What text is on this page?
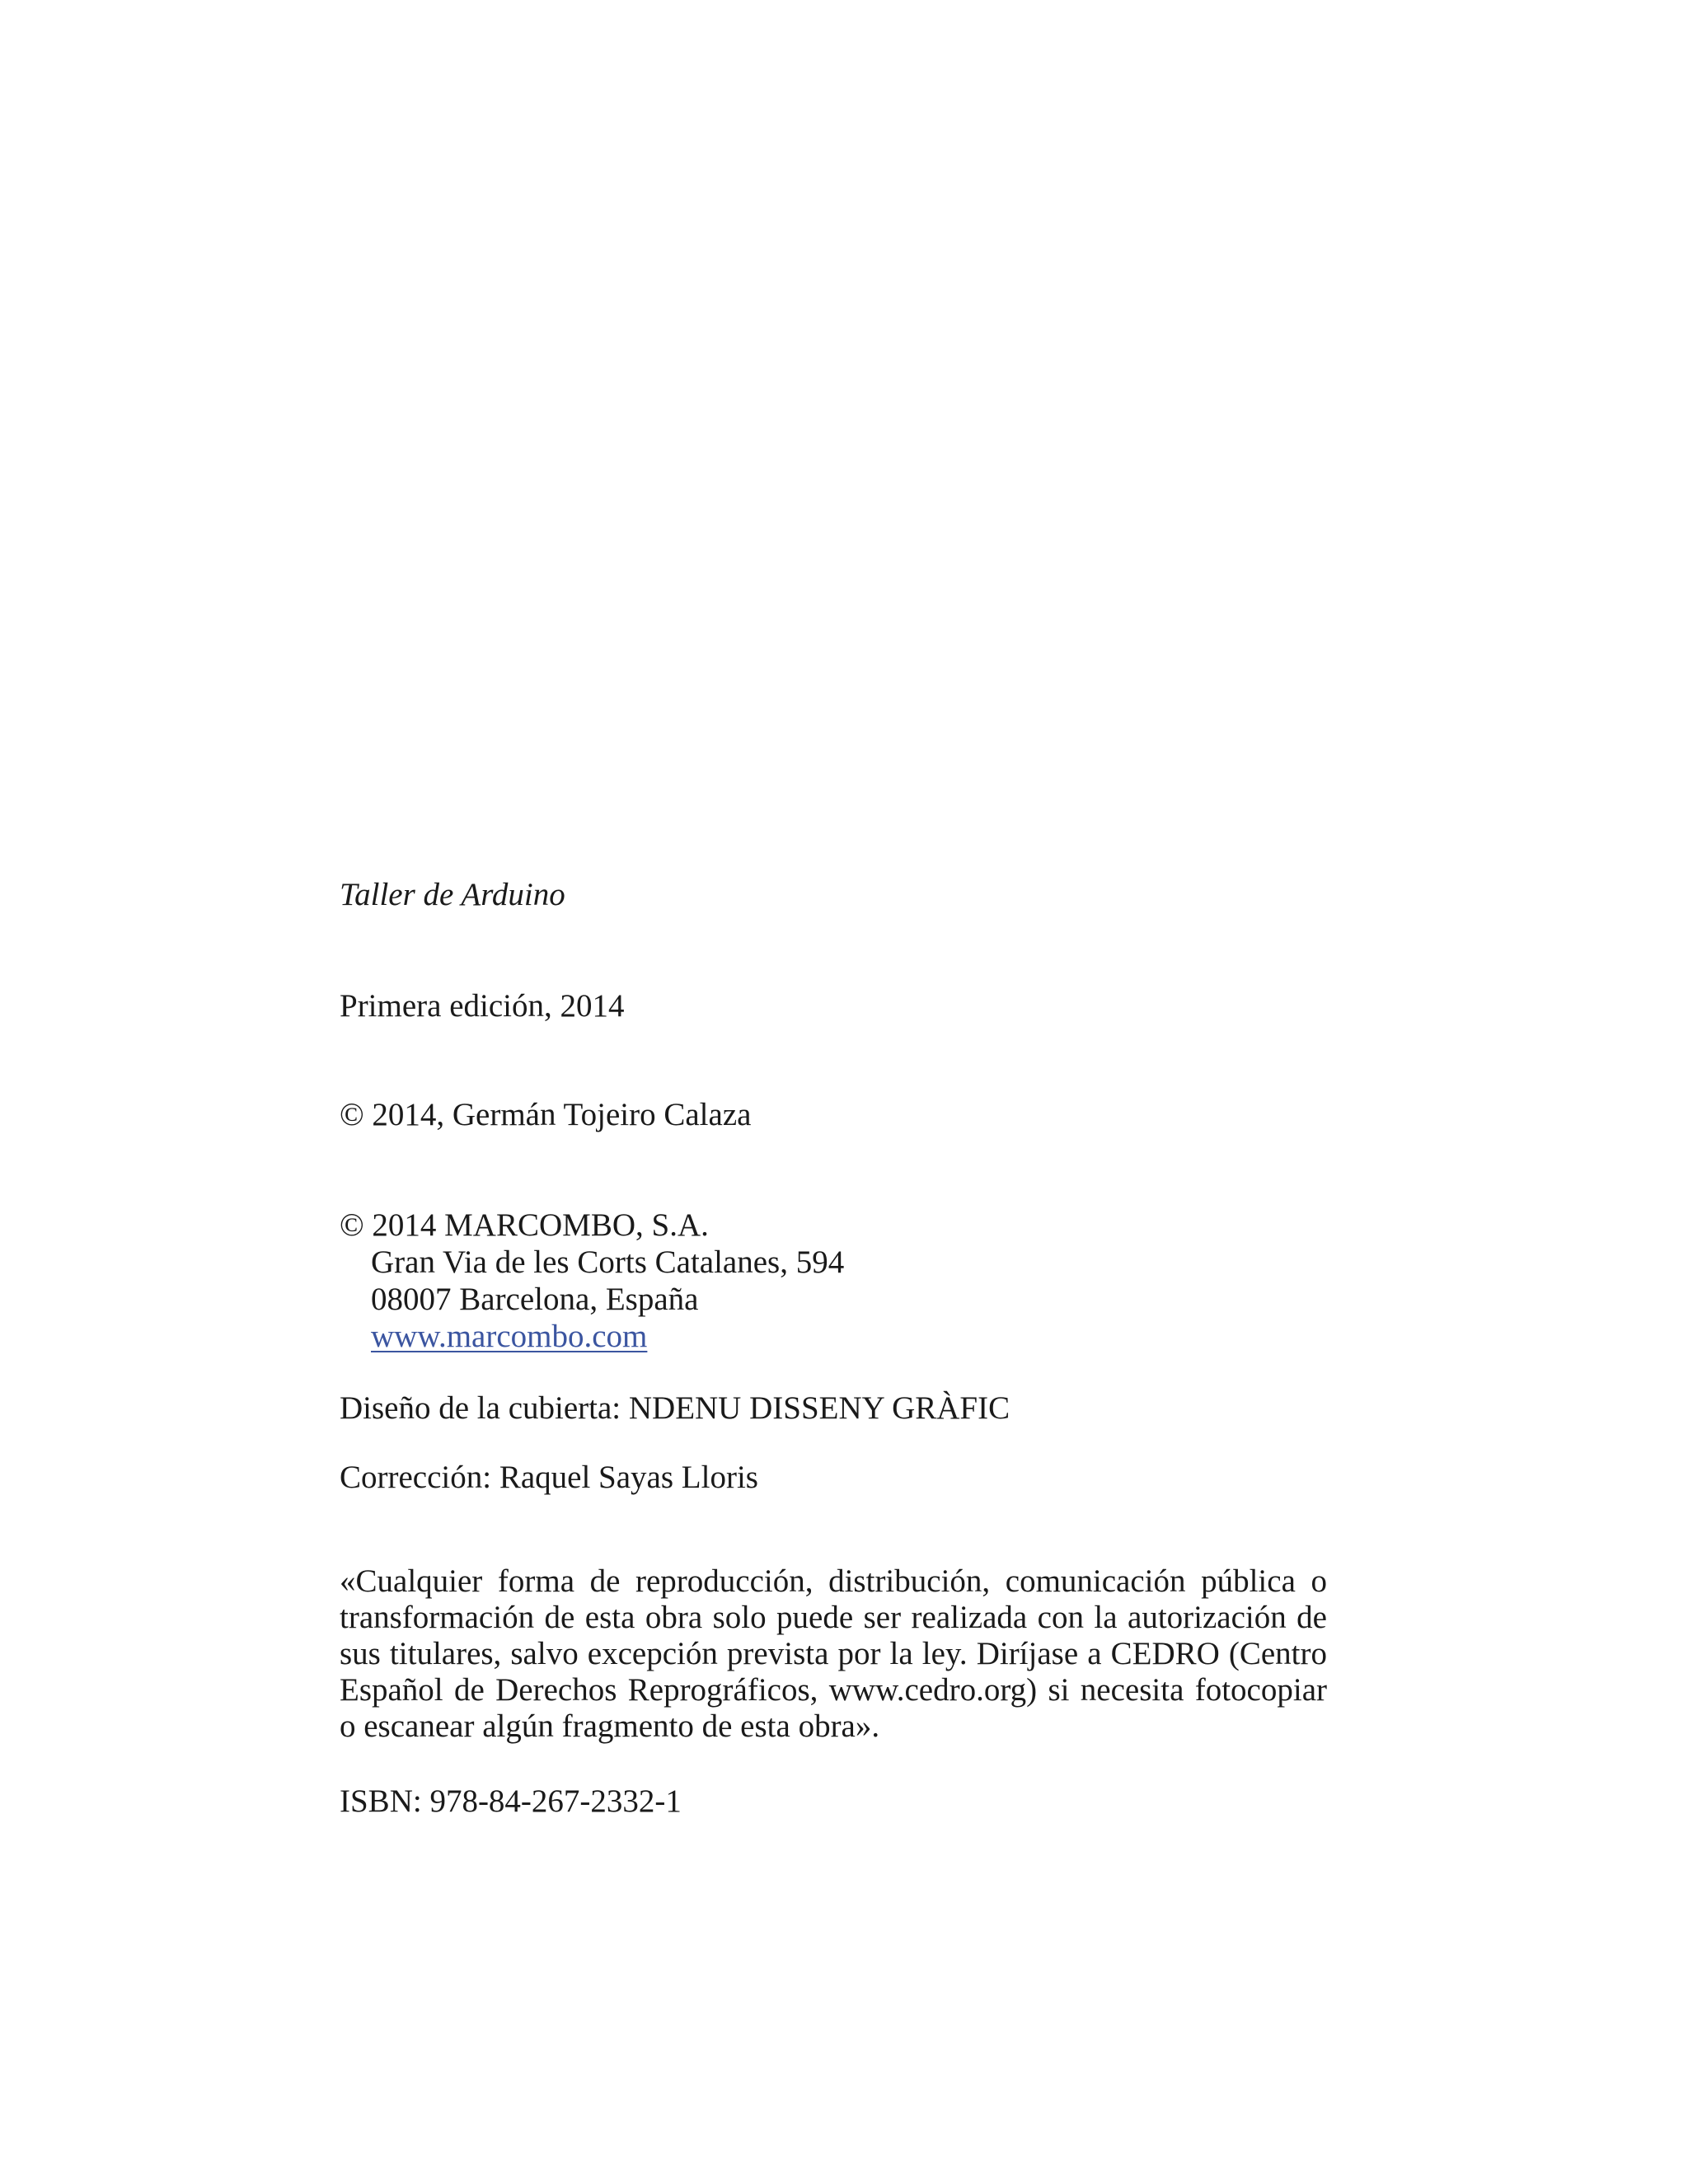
Taller de Arduino

Primera edición, 2014

© 2014, Germán Tojeiro Calaza

© 2014 MARCOMBO, S.A.
Gran Via de les Corts Catalanes, 594
08007 Barcelona, España
www.marcombo.com

Diseño de la cubierta: NDENU DISSENY GRÀFIC

Corrección: Raquel Sayas Lloris

«Cualquier forma de reproducción, distribución, comunicación pública o transformación de esta obra solo puede ser realizada con la autorización de sus titulares, salvo excepción prevista por la ley. Diríjase a CEDRO (Centro Español de Derechos Reprográficos, www.cedro.org) si necesita fotocopiar o escanear algún fragmento de esta obra».

ISBN: 978-84-267-2332-1
